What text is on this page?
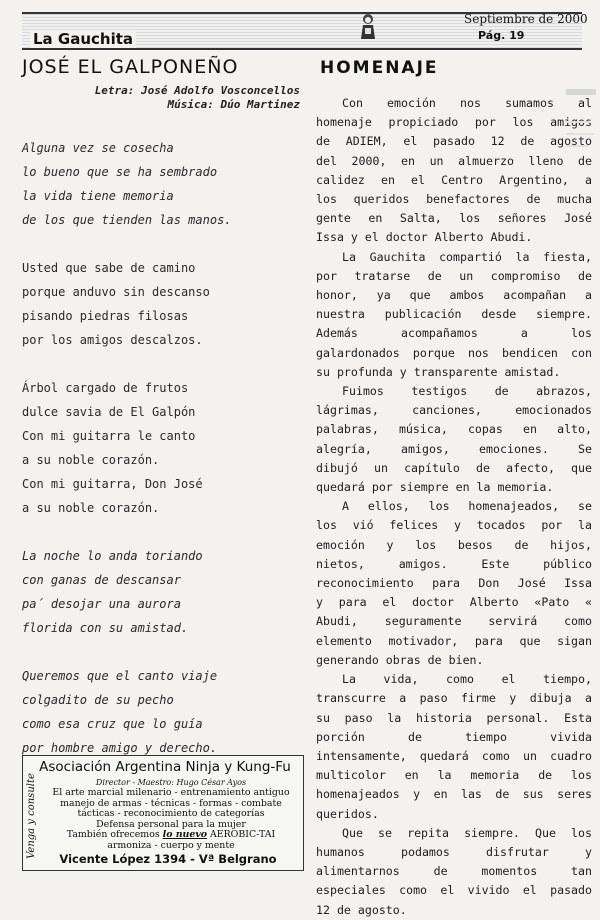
La Gauchita
Septiembre de 2000
Pág. 19
JOSÉ EL GALPONEÑO
Letra: José Adolfo Vosconcellos
Música: Dúo Martinez
Alguna vez se cosecha
lo bueno que se ha sembrado
la vida tiene memoria
de los que tienden las manos.
Usted que sabe de camino
porque anduvo sin descanso
pisando piedras filosas
por los amigos descalzos.
Árbol cargado de frutos
dulce savia de El Galpón
Con mi guitarra le canto
a su noble corazón.
Con mi guitarra, Don José
a su noble corazón.
La noche lo anda toriando
con ganas de descansar
pa´ desojar una aurora
florida con su amistad.
Queremos que el canto viaje
colgadito de su pecho
como esa cruz que lo guía
por hombre amigo y derecho.
Venga y consulte
Asociación Argentina Ninja y Kung-Fu
Director - Maestro: Hugo César Ayos
El arte marcial milenario - entrenamiento antiguo
manejo de armas - técnicas - formas - combate
tácticas - reconocimiento de categorías
Defensa personal para la mujer
También ofrecemos lo nuevo AEROBIC-TAI
armoniza - cuerpo y mente
Vicente López 1394 - Vª Belgrano
HOMENAJE

Con emoción nos sumamos al
homenaje propiciado por los amigos
de ADIEM, el pasado 12 de agosto
del 2000, en un almuerzo lleno de
calidez en el Centro Argentino, a
los queridos benefactores de mucha
gente en Salta, los señores José
Issa y el doctor Alberto Abudi.

La Gauchita compartió la fiesta,
por tratarse de un compromiso de
honor, ya que ambos acompañan a
nuestra publicación desde siempre.
Además acompañamos a los
galardonados porque nos bendicen con
su profunda y transparente amistad.

Fuimos testigos de abrazos,
lágrimas, canciones, emocionados
palabras, música, copas en alto,
alegría, amigos, emociones. Se
dibujó un capítulo de afecto, que
quedará por siempre en la memoria.

A ellos, los homenajeados, se
los vió felices y tocados por la
emoción y los besos de hijos,
nietos, amigos. Este público
reconocimiento para Don José Issa
y para el doctor Alberto «Pato «
Abudi, seguramente servirá como
elemento motivador, para que sigan
generando obras de bien.

La vida, como el tiempo,
transcurre a paso firme y dibuja a
su paso la historia personal. Esta
porción de tiempo vivida
intensamente, quedará como un cuadro
multicolor en la memoria de los
homenajeados y en las de sus seres
queridos.

Que se repita siempre. Que los
humanos podamos disfrutar y
alimentarnos de momentos tan
especiales como el vivido el pasado
12 de agosto.
